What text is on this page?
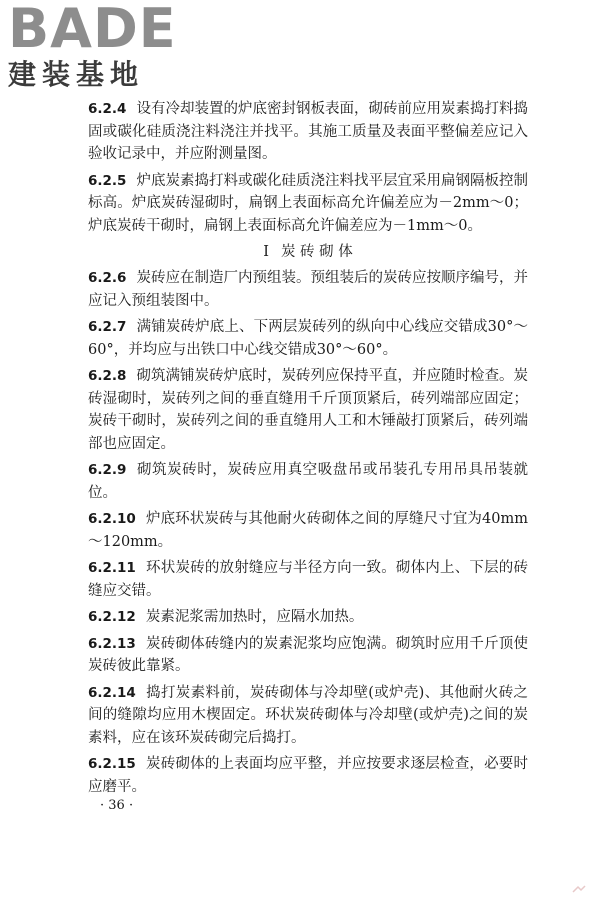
BADE
建装基地

6.2.4 设有冷却装置的炉底密封钢板表面，砌砖前应用炭素捣打料捣固或碳化硅质浇注料浇注并找平。其施工质量及表面平整偏差应记入验收记录中，并应附测量图。

6.2.5 炉底炭素捣打料或碳化硅质浇注料找平层宜采用扁钢隔板控制标高。炉底炭砖湿砌时，扁钢上表面标高允许偏差应为－2mm～0；炉底炭砖干砌时，扁钢上表面标高允许偏差应为－1mm～0。

Ⅰ 炭 砖 砌 体

6.2.6 炭砖应在制造厂内预组装。预组装后的炭砖应按顺序编号，并应记入预组装图中。

6.2.7 满铺炭砖炉底上、下两层炭砖列的纵向中心线应交错成30°～60°，并均应与出铁口中心线交错成30°～60°。

6.2.8 砌筑满铺炭砖炉底时，炭砖列应保持平直，并应随时检查。炭砖湿砌时，炭砖列之间的垂直缝用千斤顶顶紧后，砖列端部应固定；炭砖干砌时，炭砖列之间的垂直缝用人工和木锤敲打顶紧后，砖列端部也应固定。

6.2.9 砌筑炭砖时，炭砖应用真空吸盘吊或吊装孔专用吊具吊装就位。

6.2.10 炉底环状炭砖与其他耐火砖砌体之间的厚缝尺寸宜为40mm～120mm。

6.2.11 环状炭砖的放射缝应与半径方向一致。砌体内上、下层的砖缝应交错。

6.2.12 炭素泥浆需加热时，应隔水加热。

6.2.13 炭砖砌体砖缝内的炭素泥浆均应饱满。砌筑时应用千斤顶使炭砖彼此靠紧。

6.2.14 捣打炭素料前，炭砖砌体与冷却壁(或炉壳)、其他耐火砖之间的缝隙均应用木楔固定。环状炭砖砌体与冷却壁(或炉壳)之间的炭素料，应在该环炭砖砌完后捣打。

6.2.15 炭砖砌体的上表面均应平整，并应按要求逐层检查，必要时应磨平。

· 36 ·
